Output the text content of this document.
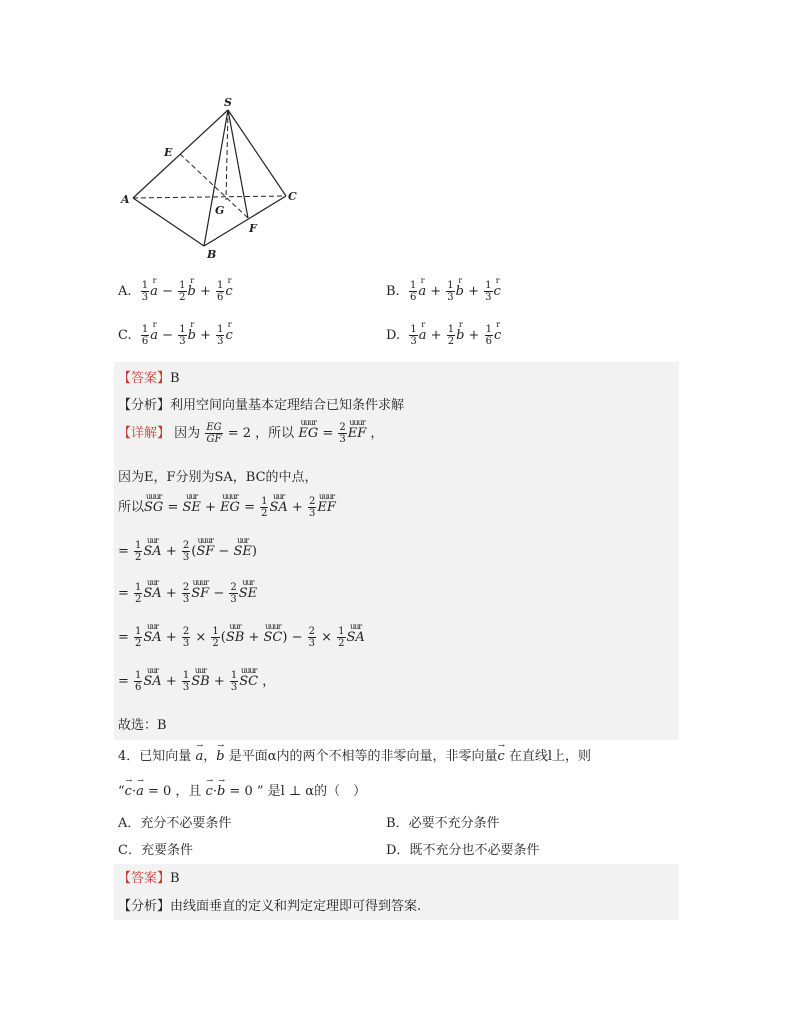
S
E
A
G
C
F
B
A. $\frac{1}{3}$ a
r
− $\frac{1}{2}$ b
r
+ $\frac{1}{6}$ c
r
B. $\frac{1}{6}$ a
r
+ $\frac{1}{3}$ b
r
+ $\frac{1}{3}$ c
r
C. $\frac{1}{6}$ a
r
− $\frac{1}{3}$ b
r
+ $\frac{1}{3}$ c
r
D. $\frac{1}{3}$ a
r
+ $\frac{1}{2}$ b
r
+ $\frac{1}{6}$ c
r
【答案】B
【分析】利用空间向量基本定理结合已知条件求解
【详解】 因为 $\frac{EG}{GF} = 2$ ，所以 EG
uuur
= $\frac{2}{3}$ EF
uuur
，
因为E，F分别为SA，BC的中点，
所以SG
uuur
= SE
uur
+ EG
uuur
= $\frac{1}{2}$ SA
uur
+ $\frac{2}{3}$ EF
uuur
= $\frac{1}{2}$ SA
uur
+ $\frac{2}{3} (SF$
uuur
− SE
uur
)
= $\frac{1}{2}$ SA
uur
+ $\frac{2}{3}$ SF
uuur
− $\frac{2}{3}$ SE
uur
= $\frac{1}{2}$ SA
uur
+ $\frac{2}{3} \times \frac{1}{2} (SB$
uur
+ SC
uuur
) − $\frac{2}{3} \times \frac{1}{2}$ SA
uur
= $\frac{1}{6}$ SA
uur
+ $\frac{1}{3}$ SB
uur
+ $\frac{1}{3}$ SC
uuur
，
故选：B
4．已知向量 a
→
，b
→
是平面α内的两个不相等的非零向量，非零向量c
→
在直线l上，则
“c
→
·a
→
= 0 ，且 c
→
·b
→
= 0 ” 是l ⊥ α的（　）
A．充分不必要条件	B．必要不充分条件
C．充要条件	D．既不充分也不必要条件
【答案】B
【分析】由线面垂直的定义和判定定理即可得到答案.
